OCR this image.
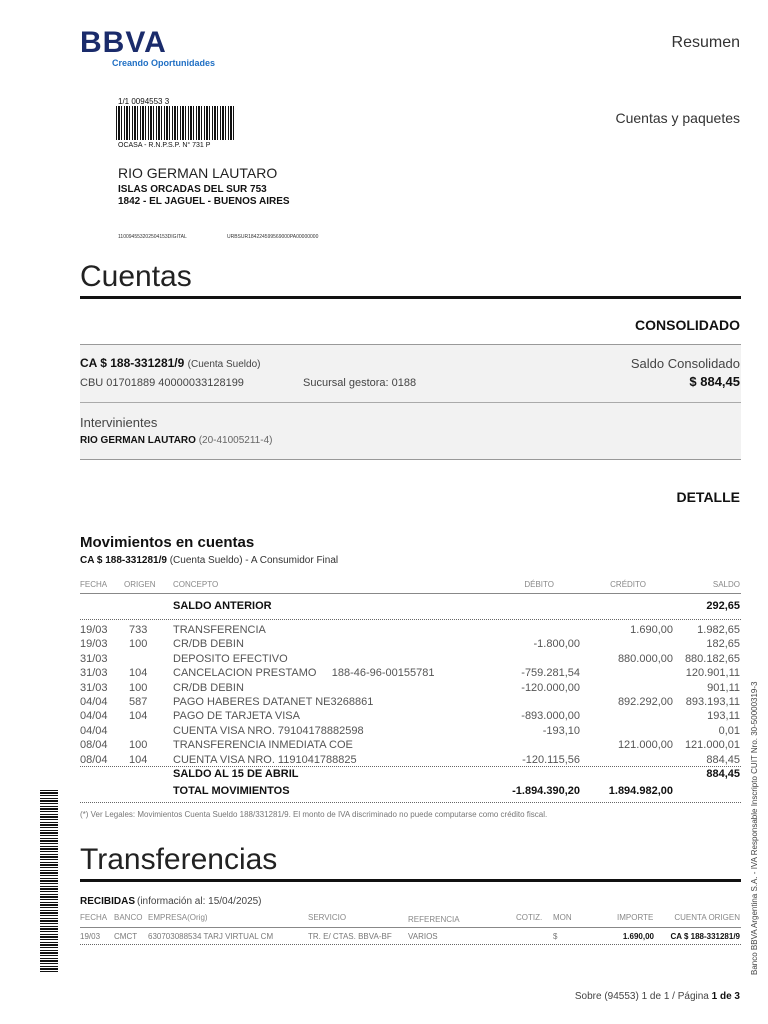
BBVA
Creando Oportunidades
Resumen
Cuentas y paquetes
1/1 0094553 3
OCASA - R.N.P.S.P. N° 731 P
RIO GERMAN LAUTARO
ISLAS ORCADAS DEL SUR 753
1842 - EL JAGUEL - BUENOS AIRES
110094553202504153DIGITAL	URBSUR184224599569000PA00000000
Cuentas
CONSOLIDADO
CA $ 188-331281/9 (Cuenta Sueldo)
CBU 01701889 40000033128199	Sucursal gestora: 0188
Saldo Consolidado
$ 884,45
Intervinientes
RIO GERMAN LAUTARO (20-41005211-4)
DETALLE
Movimientos en cuentas
CA $ 188-331281/9 (Cuenta Sueldo) - A Consumidor Final
FECHA ORIGEN CONCEPTO	DÉBITO	CRÉDITO	SALDO
SALDO ANTERIOR	292,65
19/03 733 TRANSFERENCIA	1.690,00 1.982,65
19/03 100 CR/DB DEBIN	-1.800,00	182,65
31/03	DEPOSITO EFECTIVO	880.000,00 880.182,65
31/03 104 CANCELACION PRESTAMO     188-46-96-00155781	-759.281,54	120.901,11
31/03 100 CR/DB DEBIN	-120.000,00	901,11
04/04 587 PAGO HABERES DATANET NE3268861	892.292,00 893.193,11
04/04 104 PAGO DE TARJETA VISA	-893.000,00	193,11
04/04	CUENTA VISA NRO. 79104178882598	-193,10	0,01
08/04 100 TRANSFERENCIA INMEDIATA COE	121.000,00 121.000,01
08/04 104 CUENTA VISA NRO. 1191041788825	-120.115,56	884,45
SALDO AL 15 DE ABRIL	884,45
TOTAL MOVIMIENTOS	-1.894.390,20	1.894.982,00
(*) Ver Legales: Movimientos Cuenta Sueldo 188/331281/9. El monto de IVA discriminado no puede computarse como crédito fiscal.
Transferencias
RECIBIDAS (información al: 15/04/2025)
FECHA BANCO EMPRESA(Orig)	SERVICIO	REFERENCIA	COTIZ. MON	IMPORTE	CUENTA ORIGEN
19/03 CMCT 630703088534 TARJ VIRTUAL CM	TR. E/ CTAS. BBVA-BF VARIOS	$	1.690,00 CA $ 188-331281/9 Banco BBVA Argentina S.A. - IVA Responsable Inscripto CUIT Nro. 30-50000319-3
Sobre (94553) 1 de 1 / Página 1 de 3
